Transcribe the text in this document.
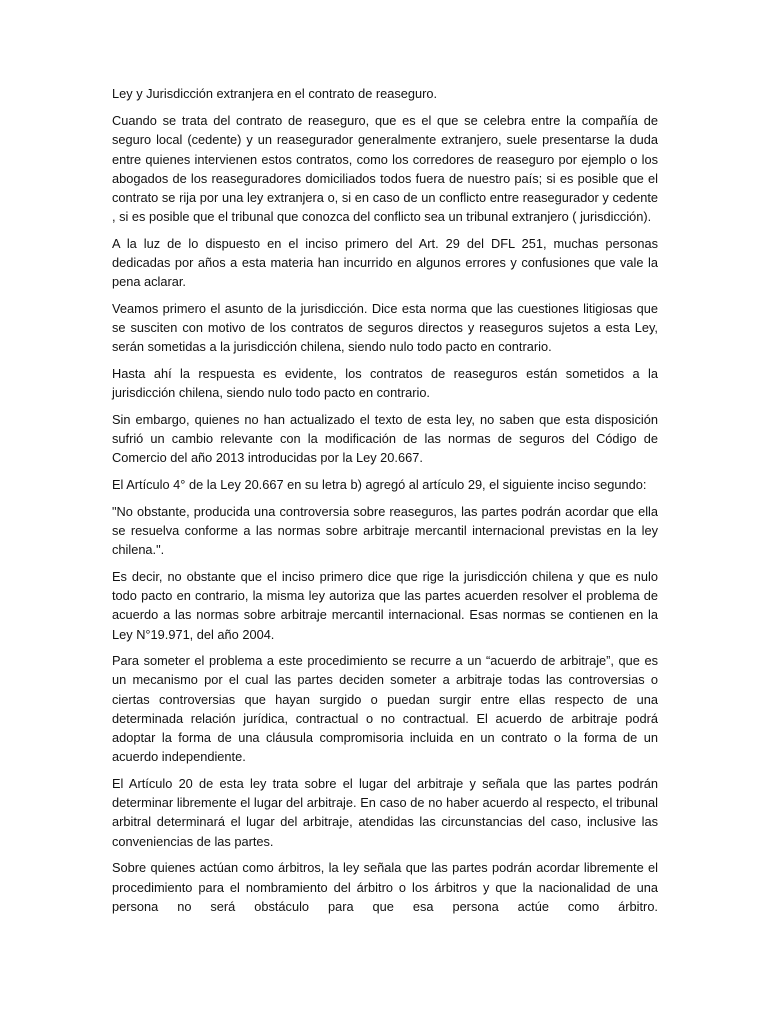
Ley y Jurisdicción extranjera en el contrato de reaseguro.

Cuando se trata del contrato de reaseguro, que es el que se celebra entre la compañía de seguro local (cedente) y un reasegurador generalmente extranjero, suele presentarse la duda entre quienes intervienen estos contratos, como los corredores de reaseguro por ejemplo o los abogados de los reaseguradores domiciliados todos fuera de nuestro país; si es posible que el contrato se rija por una ley extranjera o, si en caso de un conflicto entre reasegurador y cedente , si es posible que el tribunal que conozca del conflicto sea un tribunal extranjero ( jurisdicción).

A la luz de lo dispuesto en el inciso primero del Art. 29 del DFL 251, muchas personas dedicadas por años a esta materia han incurrido en algunos errores y confusiones que vale la pena aclarar.

Veamos primero el asunto de la jurisdicción. Dice esta norma que las cuestiones litigiosas que se susciten con motivo de los contratos de seguros directos y reaseguros sujetos a esta Ley, serán sometidas a la jurisdicción chilena, siendo nulo todo pacto en contrario.

Hasta ahí la respuesta es evidente, los contratos de reaseguros están sometidos a la jurisdicción chilena, siendo nulo todo pacto en contrario.

Sin embargo, quienes no han actualizado el texto de esta ley, no saben que esta disposición sufrió un cambio relevante con la modificación de las normas de seguros del Código de Comercio del año 2013 introducidas por la Ley 20.667.

El Artículo 4° de la Ley 20.667 en su letra b) agregó al artículo 29, el siguiente inciso segundo:

"No obstante, producida una controversia sobre reaseguros, las partes podrán acordar que ella se resuelva conforme a las normas sobre arbitraje mercantil internacional previstas en la ley chilena.".

Es decir, no obstante que el inciso primero dice que rige la jurisdicción chilena y que es nulo todo pacto en contrario, la misma ley autoriza que las partes acuerden resolver el problema de acuerdo a las normas sobre arbitraje mercantil internacional. Esas normas se contienen en la Ley N°19.971, del año 2004.

Para someter el problema a este procedimiento se recurre a un “acuerdo de arbitraje”, que es un mecanismo por el cual las partes deciden someter a arbitraje todas las controversias o ciertas controversias que hayan surgido o puedan surgir entre ellas respecto de una determinada relación jurídica, contractual o no contractual. El acuerdo de arbitraje podrá adoptar la forma de una cláusula compromisoria incluida en un contrato o la forma de un acuerdo independiente.

El Artículo 20 de esta ley trata sobre el lugar del arbitraje y señala que las partes podrán determinar libremente el lugar del arbitraje. En caso de no haber acuerdo al respecto, el tribunal arbitral determinará el lugar del arbitraje, atendidas las circunstancias del caso, inclusive las conveniencias de las partes.

Sobre quienes actúan como árbitros, la ley señala que las partes podrán acordar libremente el procedimiento para el nombramiento del árbitro o los árbitros y que la nacionalidad de una persona no será obstáculo para que esa persona actúe como árbitro.
